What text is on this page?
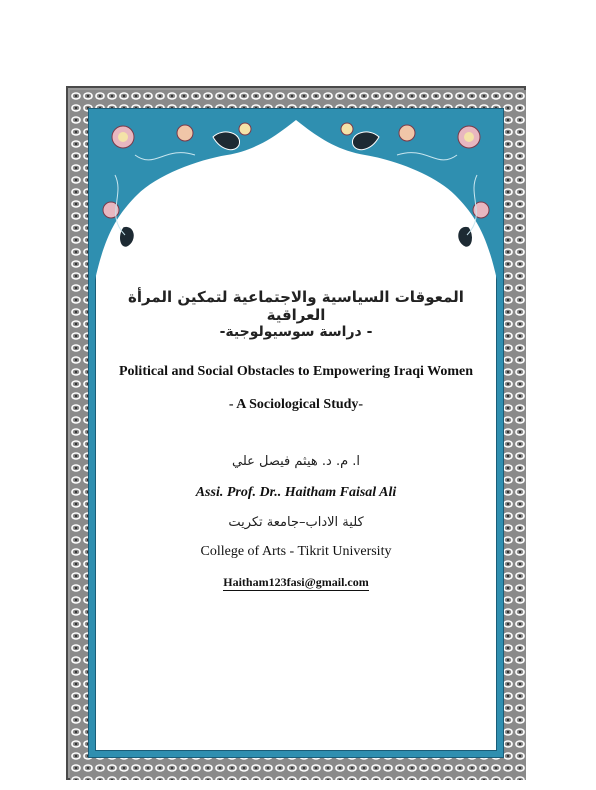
المعوقات السياسية والاجتماعية لتمكين المرأة العراقية
- دراسة سوسيولوجية-
Political and Social Obstacles to Empowering Iraqi Women
- A Sociological Study-
ا. م. د. هيثم فيصل علي
Assi. Prof. Dr.. Haitham Faisal Ali
كلية الاداب–جامعة تكريت
College of Arts - Tikrit University
Haitham123fasi@gmail.com
